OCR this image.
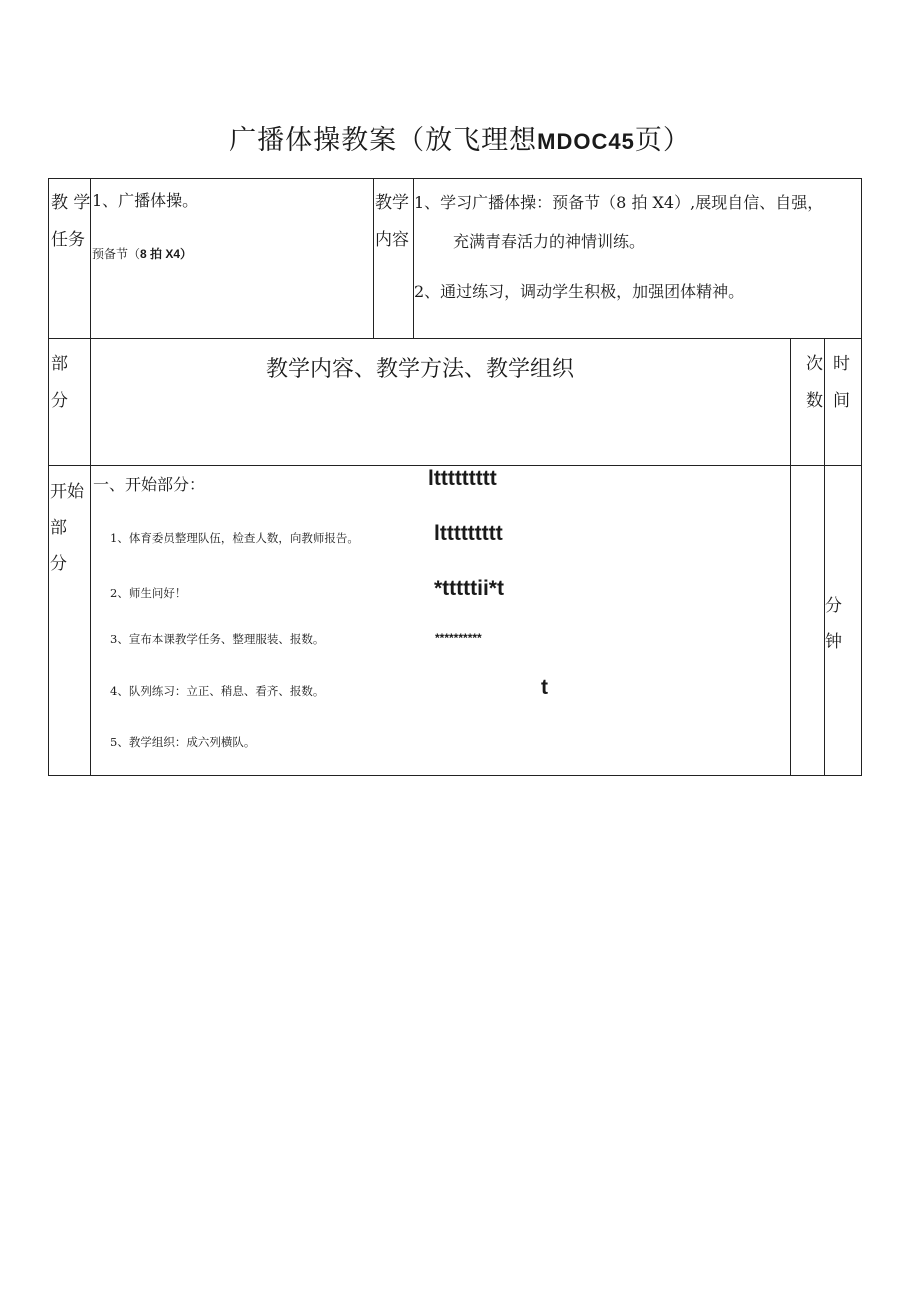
广播体操教案（放飞理想MDOC45页）
教 学
任务
1、广播体操。
预备节（8 拍 X4）
教学
内容
1、学习广播体操：预备节（8 拍 X4）,展现自信、自强，
充满青春活力的神情训练。
2、通过练习，调动学生积极，加强团体精神。
部
分
教学内容、教学方法、教学组织	次
数
时
间
开始
部
分
一、开始部分：
1、体育委员整理队伍，检查人数，向教师报告。
2、师生问好！
3、宣布本课教学任务、整理服装、报数。
4、队列练习：立正、稍息、看齐、报数。
5、教学组织：成六列横队。
lttttttttt
lttttttttt
*tttttii*t
**********
t
分
钟
